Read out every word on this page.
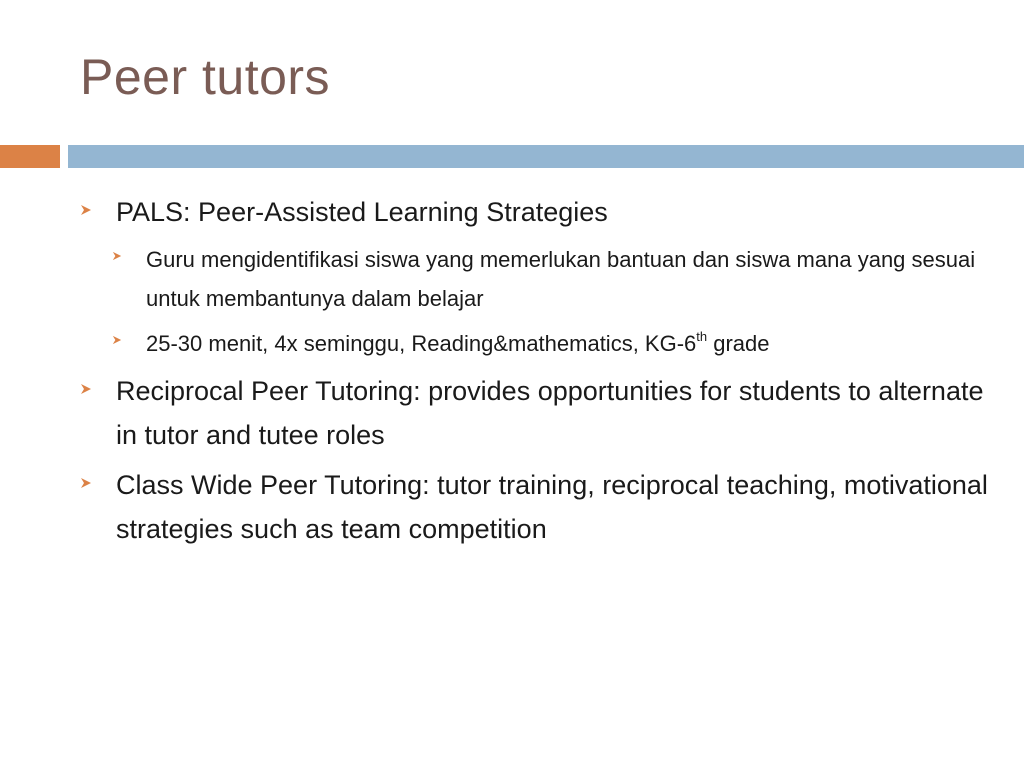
Peer tutors
PALS: Peer-Assisted Learning Strategies
Guru mengidentifikasi siswa yang memerlukan bantuan dan siswa mana yang sesuai untuk membantunya dalam belajar
25-30 menit, 4x seminggu, Reading&mathematics, KG-6th grade
Reciprocal Peer Tutoring: provides opportunities for students to alternate in tutor and tutee roles
Class Wide Peer Tutoring: tutor training, reciprocal teaching, motivational strategies such as team competition
